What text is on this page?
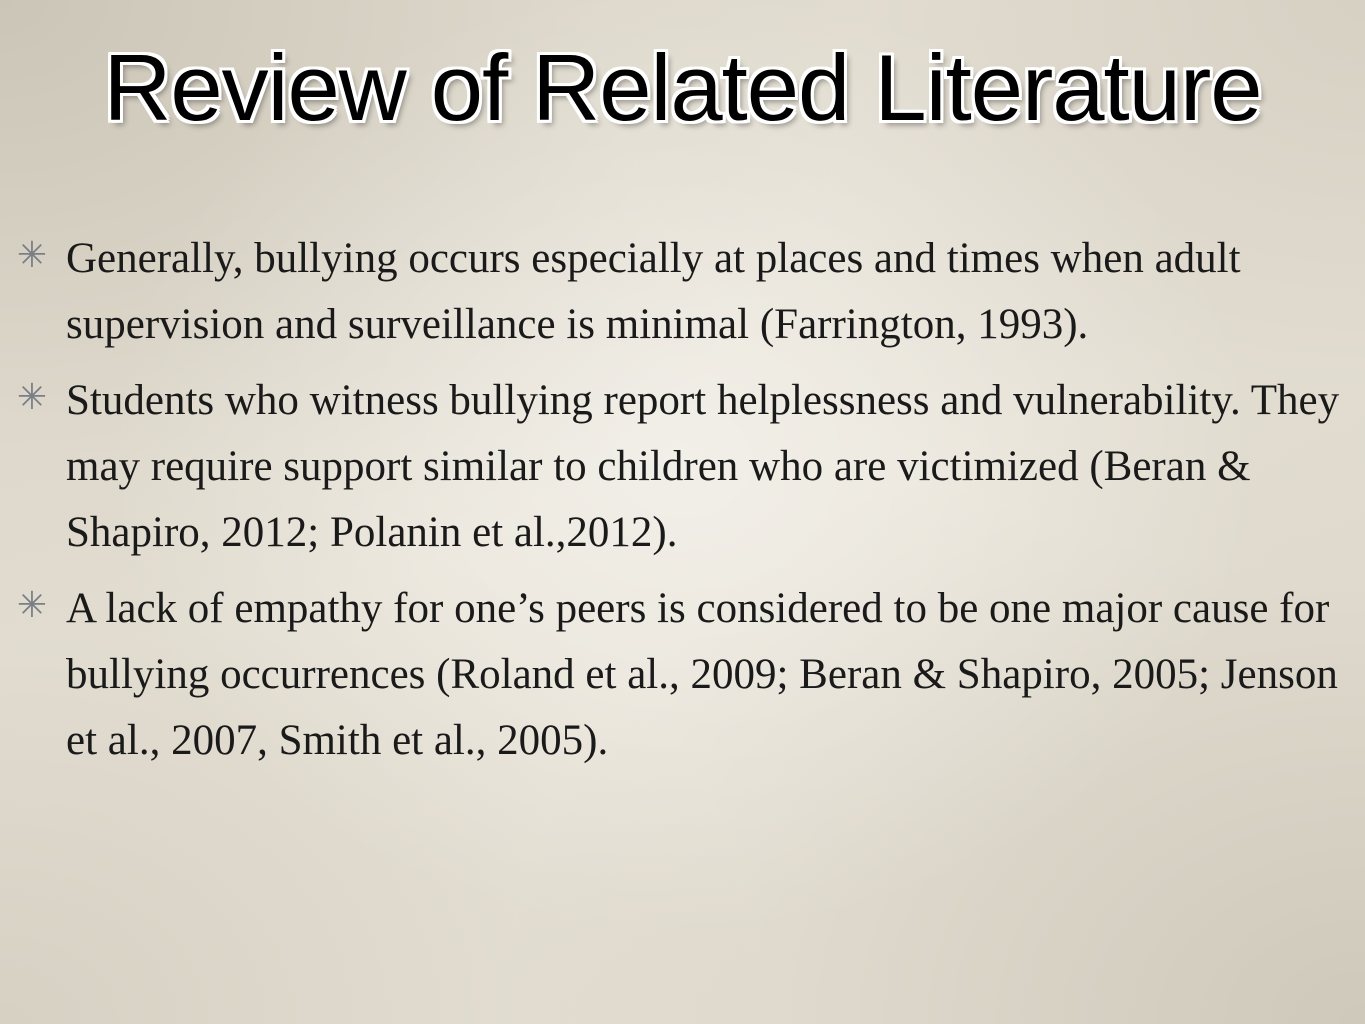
Review of Related Literature
✳ Generally, bullying occurs especially at places and times when adult supervision and surveillance is minimal (Farrington, 1993).
✳ Students who witness bullying report helplessness and vulnerability. They may require support similar to children who are victimized (Beran & Shapiro, 2012; Polanin et al.,2012).
✳ A lack of empathy for one’s peers is considered to be one major cause for bullying occurrences (Roland et al., 2009; Beran & Shapiro, 2005; Jenson et al., 2007, Smith et al., 2005).
